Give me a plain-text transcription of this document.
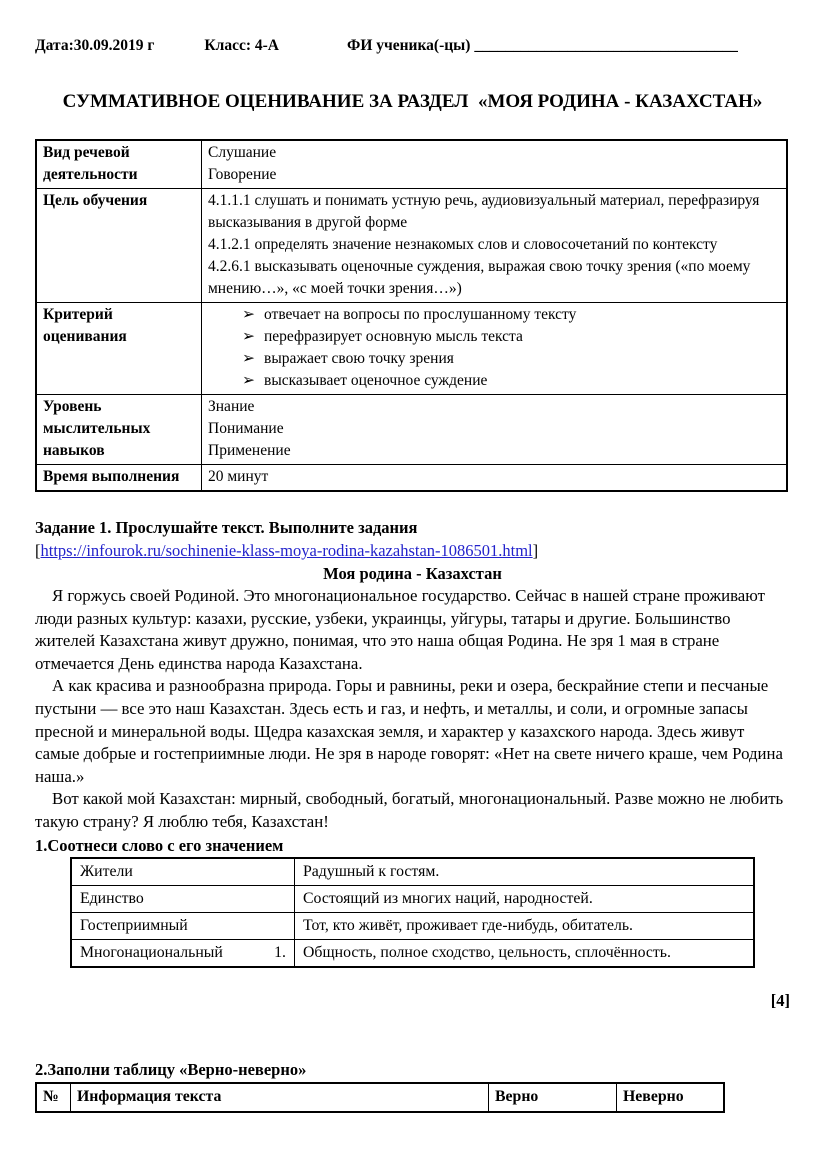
Дата:30.09.2019 г	Класс: 4-А	ФИ ученика(-цы) __________________________________
СУММАТИВНОЕ ОЦЕНИВАНИЕ ЗА РАЗДЕЛ  «МОЯ РОДИНА - КАЗАХСТАН»
Вид речевой деятельности	Слушание
Говорение

Цель обучения	4.1.1.1 слушать и понимать устную речь, аудиовизуальный материал, перефразируя высказывания в другой форме
4.1.2.1 определять значение незнакомых слов и словосочетаний по контексту
4.2.6.1 высказывать оценочные суждения, выражая свою точку зрения («по моему мнению…», «с моей точки зрения…»)

Критерий оценивания	
➢ отвечает на вопросы по прослушанному тексту
➢ перефразирует основную мысль текста
➢ выражает свою точку зрения
➢ высказывает оценочное суждение

Уровень мыслительных навыков	Знание
Понимание
Применение

Время выполнения	20 минут
Задание 1. Прослушайте текст. Выполните задания
[https://infourok.ru/sochinenie-klass-moya-rodina-kazahstan-1086501.html]
Моя родина - Казахстан

Я горжусь своей Родиной. Это многонациональное государство. Сейчас в нашей стране проживают люди разных культур: казахи, русские, узбеки, украинцы, уйгуры, татары и другие. Большинство жителей Казахстана живут дружно, понимая, что это наша общая Родина. Не зря 1 мая в стране отмечается День единства народа Казахстана.

А как красива и разнообразна природа. Горы и равнины, реки и озера, бескрайние степи и песчаные пустыни — все это наш Казахстан. Здесь есть и газ, и нефть, и металлы, и соли, и огромные запасы пресной и минеральной воды. Щедра казахская земля, и характер у казахского народа. Здесь живут самые добрые и гостеприимные люди. Не зря в народе говорят: «Нет на свете ничего краше, чем Родина наша.»

Вот какой мой Казахстан: мирный, свободный, богатый, многонациональный. Разве можно не любить такую страну? Я люблю тебя, Казахстан!

1.Соотнеси слово с его значением
Жители	Радушный к гостям.
Единство	Состоящий из многих наций, народностей.
Гостеприимный	Тот, кто живёт, проживает где-нибудь, обитатель.

Многонациональный 1.	Общность, полное сходство, цельность, сплочённость.
[4]
2.Заполни таблицу «Верно-неверно»
№	Информация текста	Верно	Неверно
